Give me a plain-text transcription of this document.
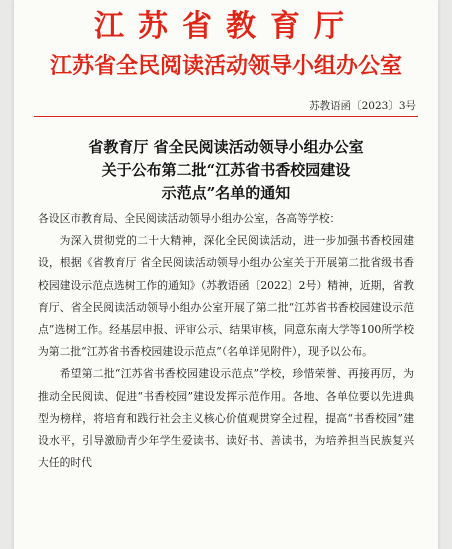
江苏省教育厅
江苏省全民阅读活动领导小组办公室
苏教语函〔2023〕3号
省教育厅 省全民阅读活动领导小组办公室
关于公布第二批“江苏省书香校园建设
示范点”名单的通知

各设区市教育局、全民阅读活动领导小组办公室，各高等学校：

为深入贯彻党的二十大精神，深化全民阅读活动，进一步加强书香校园建设，根据《省教育厅 省全民阅读活动领导小组办公室关于开展第二批省级书香校园建设示范点选树工作的通知》（苏教语函〔2022〕2号）精神，近期，省教育厅、省全民阅读活动领导小组办公室开展了第二批“江苏省书香校园建设示范点”选树工作。经基层申报、评审公示、结果审核，同意东南大学等100所学校为第二批“江苏省书香校园建设示范点”（名单详见附件），现予以公布。

希望第二批“江苏省书香校园建设示范点”学校，珍惜荣誉、再接再厉，为推动全民阅读、促进“书香校园”建设发挥示范作用。各地、各单位要以先进典型为榜样，将培育和践行社会主义核心价值观贯穿全过程，提高“书香校园”建设水平，引导激励青少年学生爱读书、读好书、善读书，为培养担当民族复兴大任的时代
